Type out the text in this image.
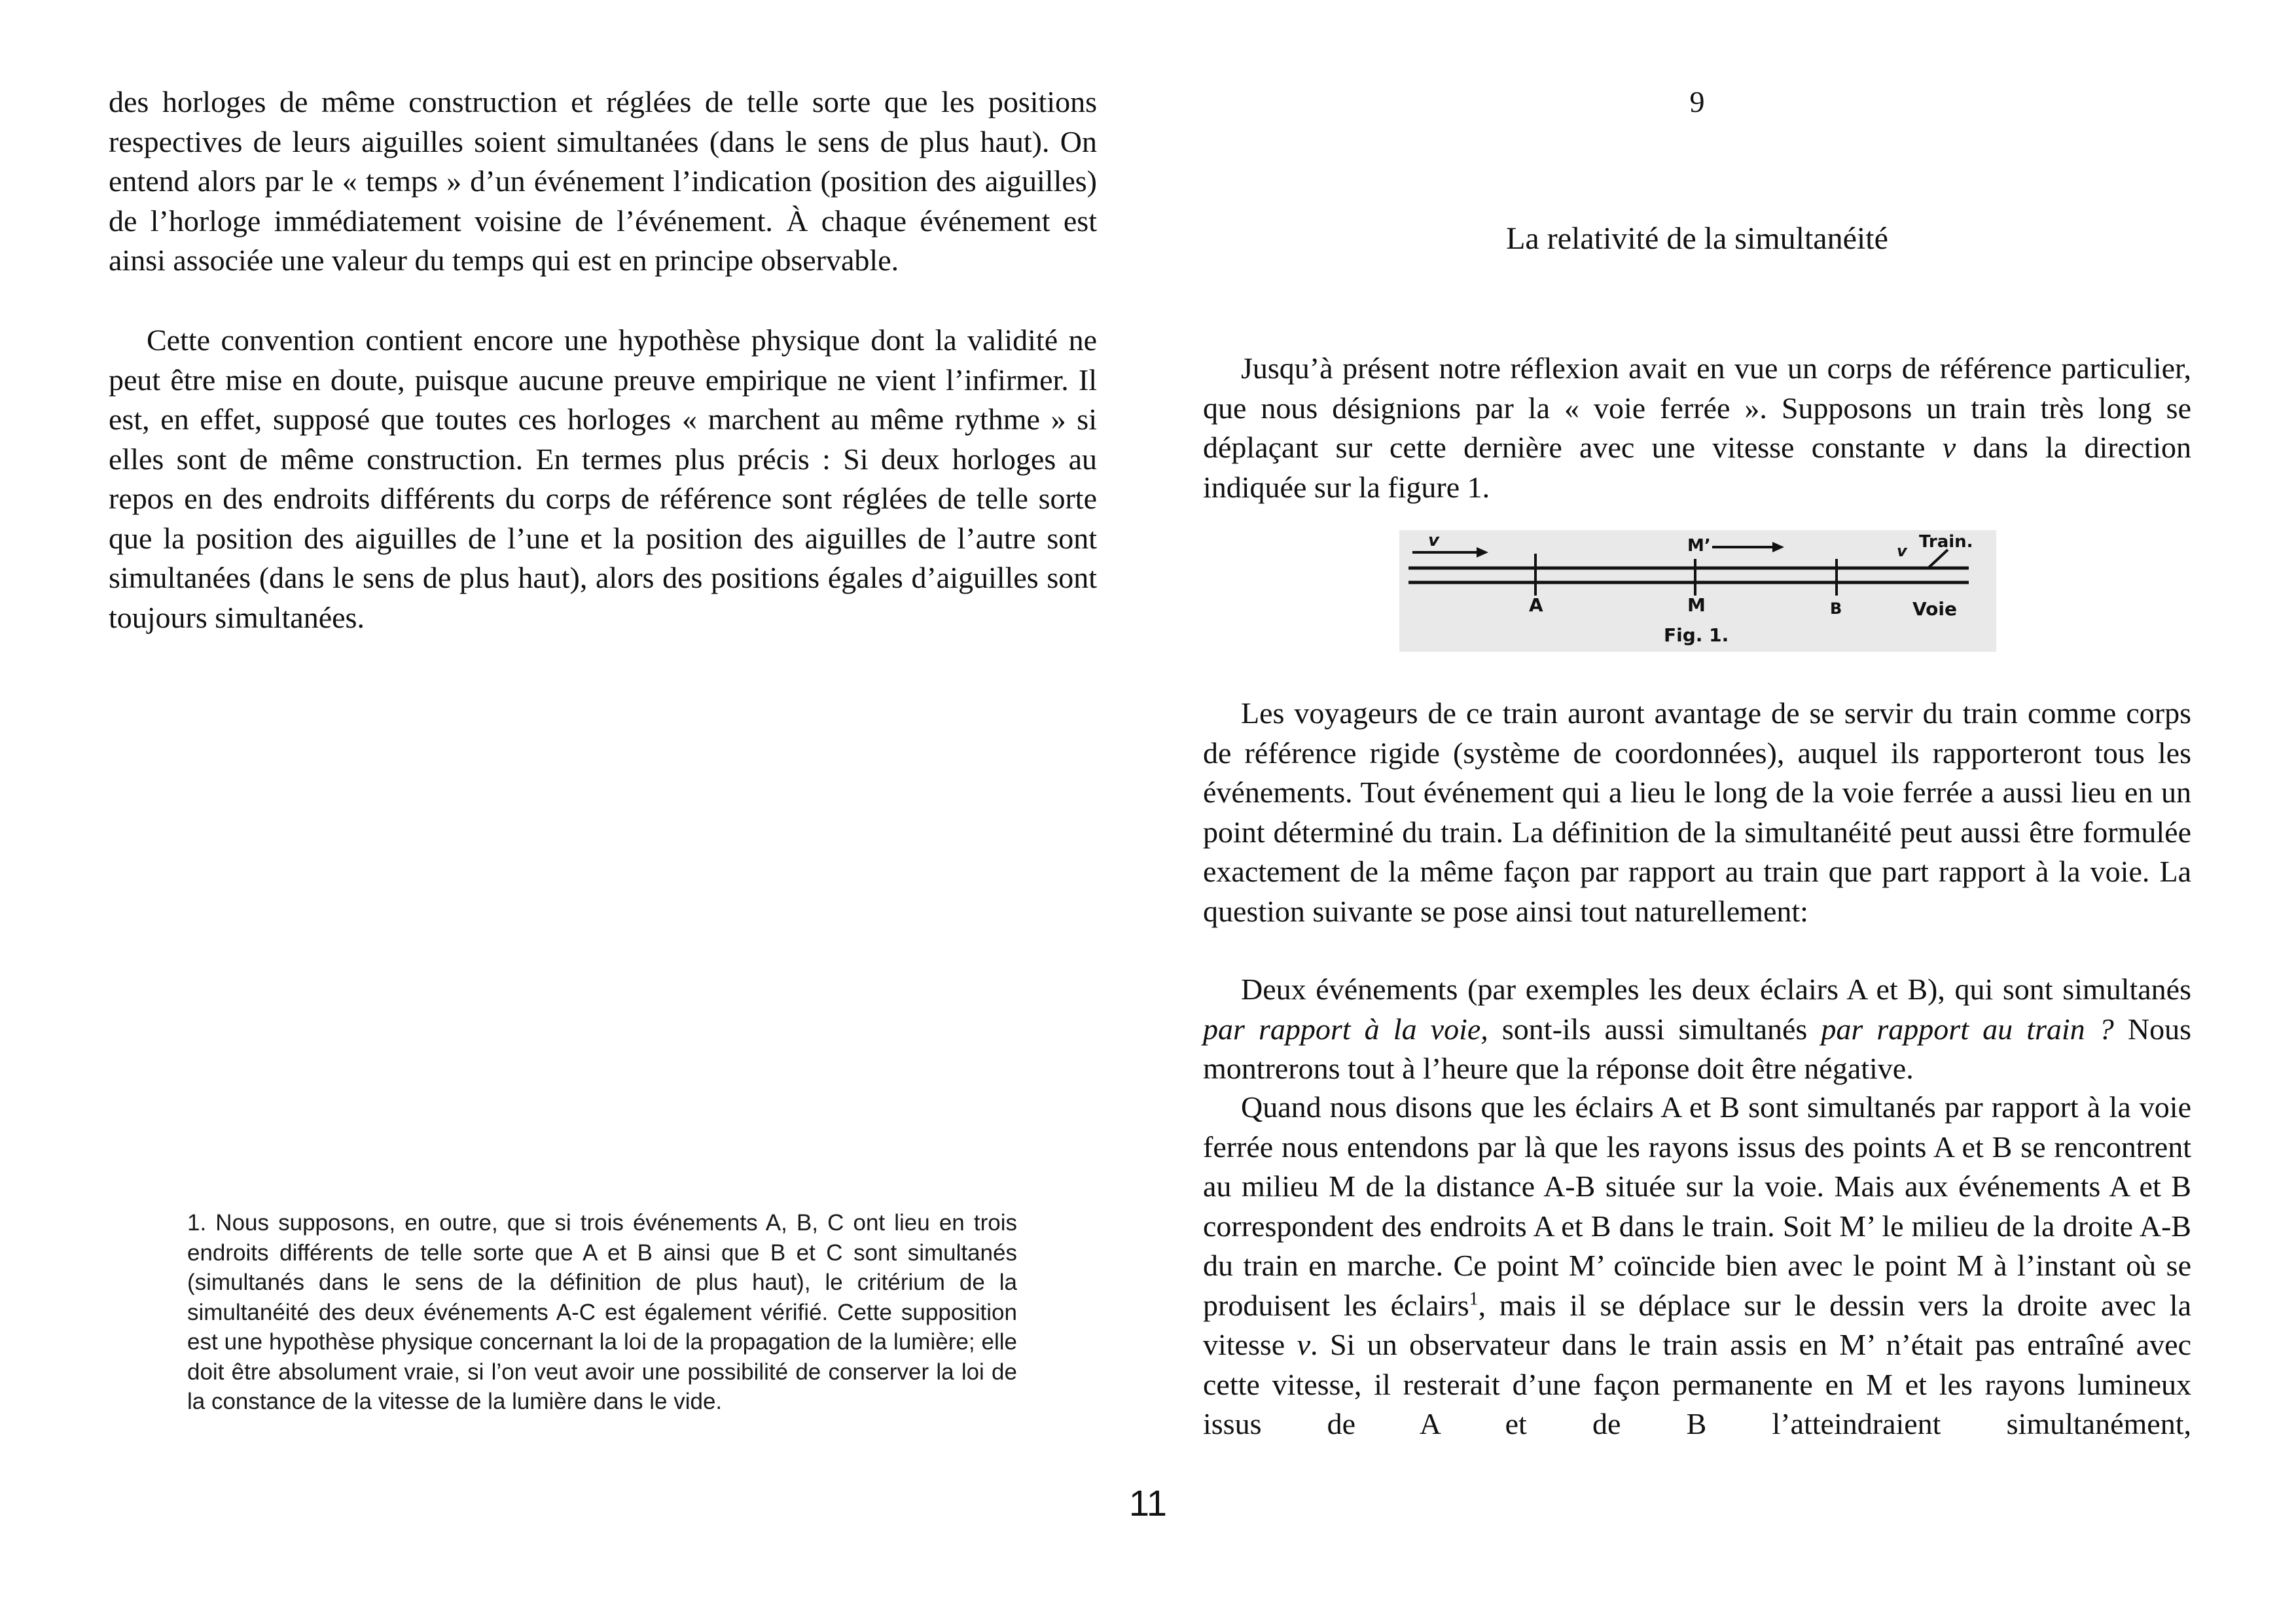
des horloges de même construction et réglées de telle sorte que les positions respectives de leurs aiguilles soient simultanées (dans le sens de plus haut). On entend alors par le « temps » d’un événement l’indication (position des aiguilles) de l’horloge immédiatement voisine de l’événement. À chaque événement est ainsi associée une valeur du temps qui est en principe observable.

Cette convention contient encore une hypothèse physique dont la validité ne peut être mise en doute, puisque aucune preuve empirique ne vient l’infirmer. Il est, en effet, supposé que toutes ces horloges « marchent au même rythme » si elles sont de même construction. En termes plus précis : Si deux horloges au repos en des endroits différents du corps de référence sont réglées de telle sorte que la position des aiguilles de l’une et la position des aiguilles de l’autre sont simultanées (dans le sens de plus haut), alors des positions égales d’aiguilles sont toujours simultanées.

1. Nous supposons, en outre, que si trois événements A, B, C ont lieu en trois endroits différents de telle sorte que A et B ainsi que B et C sont simultanés (simultanés dans le sens de la définition de plus haut), le critérium de la simultanéité des deux événements A-C est également vérifié. Cette supposition est une hypothèse physique concernant la loi de la propagation de la lumière; elle doit être absolument vraie, si l’on veut avoir une possibilité de conserver la loi de la constance de la vitesse de la lumière dans le vide.

11
9
La relativité de la simultanéité

Jusqu’à présent notre réflexion avait en vue un corps de référence particulier, que nous désignions par la « voie ferrée ». Supposons un train très long se déplaçant sur cette dernière avec une vitesse constante v dans la direction indiquée sur la figure 1.

v	M’	v Train.
A	M	B	Voie
Fig. 1.

Les voyageurs de ce train auront avantage de se servir du train comme corps de référence rigide (système de coordonnées), auquel ils rapporteront tous les événements. Tout événement qui a lieu le long de la voie ferrée a aussi lieu en un point déterminé du train. La définition de la simultanéité peut aussi être formulée exactement de la même façon par rapport au train que part rapport à la voie. La question suivante se pose ainsi tout naturellement:

Deux événements (par exemples les deux éclairs A et B), qui sont simultanés par rapport à la voie, sont-ils aussi simultanés par rapport au train ? Nous montrerons tout à l’heure que la réponse doit être négative.

Quand nous disons que les éclairs A et B sont simultanés par rapport à la voie ferrée nous entendons par là que les rayons issus des points A et B se rencontrent au milieu M de la distance A-B située sur la voie. Mais aux événements A et B correspondent des endroits A et B dans le train. Soit M’ le milieu de la droite A-B du train en marche. Ce point M’ coïncide bien avec le point M à l’instant où se produisent les éclairs$^1$, mais il se déplace sur le dessin vers la droite avec la vitesse v. Si un observateur dans le train assis en M’ n’était pas entraîné avec cette vitesse, il resterait d’une façon permanente en M et les rayons lumineux issus de A et de B l’atteindraient simultanément,
